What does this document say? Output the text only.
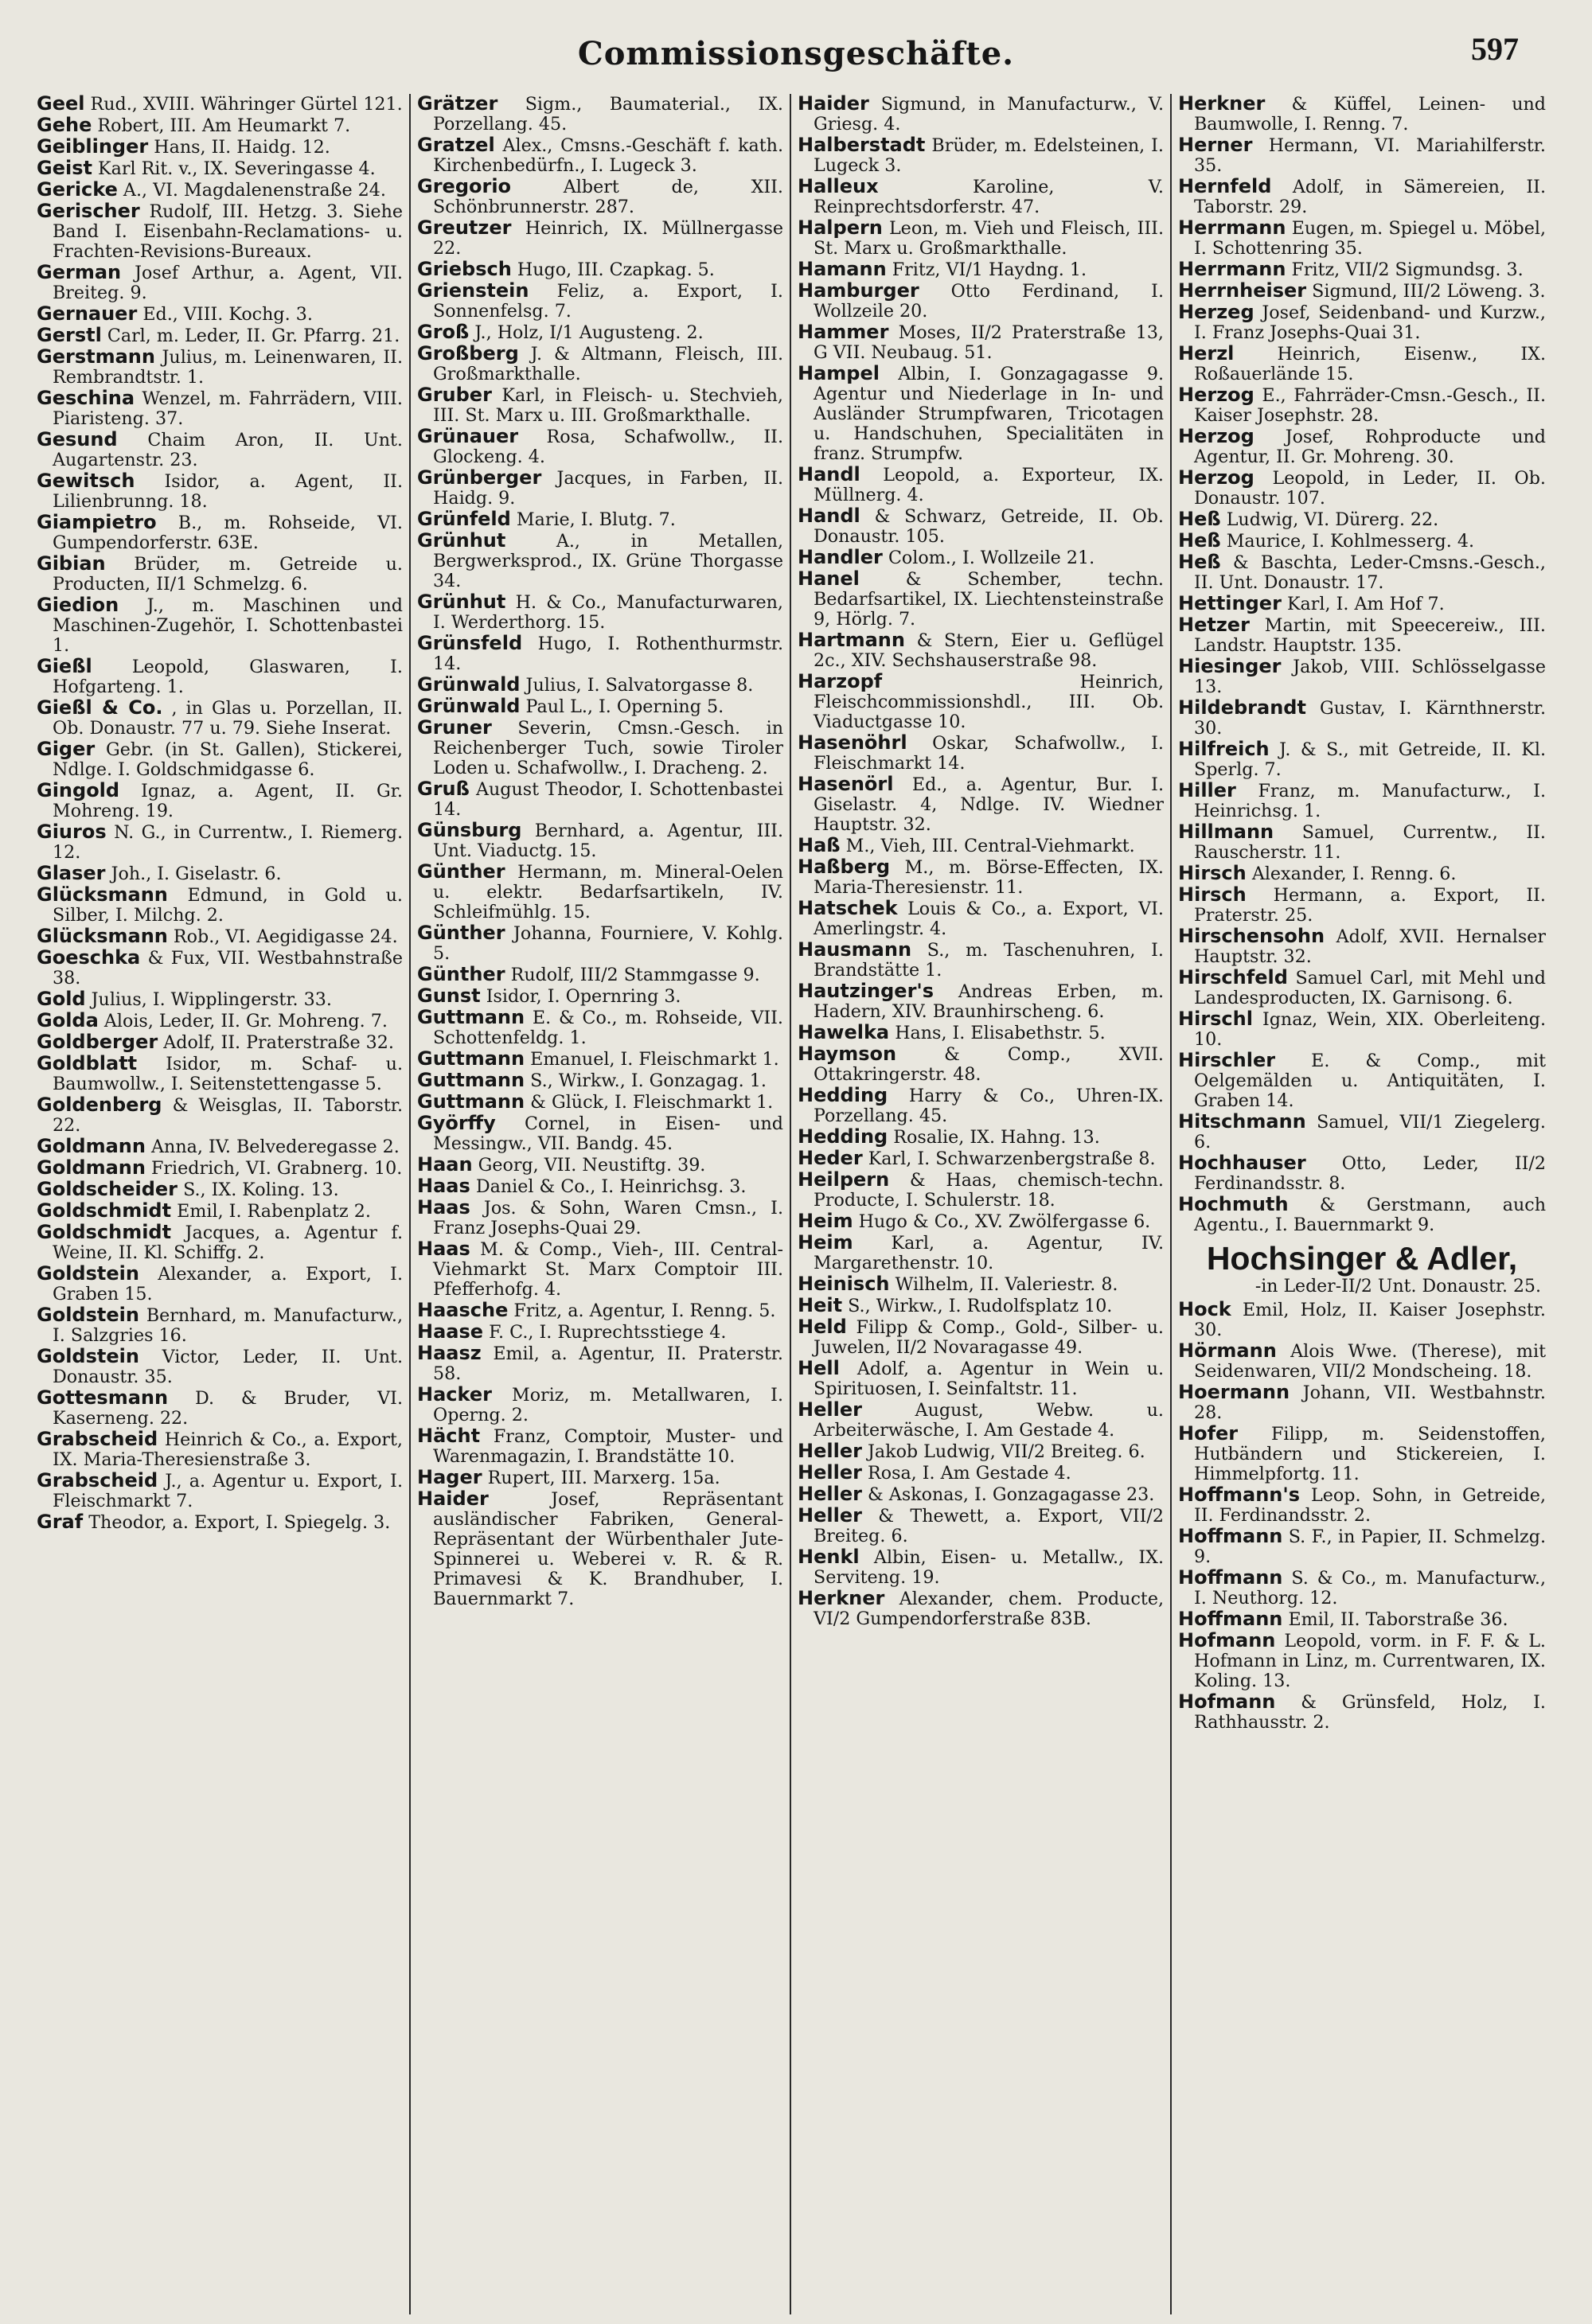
Commissionsgeschäfte.	597
Geel Rud., XVIII. Währinger Gürtel 121.
Gehe Robert, III. Am Heumarkt 7.
Geiblinger Hans, II. Haidg. 12.
Geist Karl Rit. v., IX. Severingasse 4.
Gericke A., VI. Magdalenenstraße 24.
Gerischer Rudolf, III. Hetzg. 3. Siehe Band I. Eisenbahn-Reclamations- u. Frachten-Revisions-Bureaux.
German Josef Arthur, a. Agent, VII. Breiteg. 9.
Gernauer Ed., VIII. Kochg. 3.
Gerstl Carl, m. Leder, II. Gr. Pfarrg. 21.
Gerstmann Julius, m. Leinenwaren, II. Rembrandtstr. 1.
Geschina Wenzel, m. Fahrrädern, VIII. Piaristeng. 37.
Gesund Chaim Aron, II. Unt. Augartenstr. 23.
Gewitsch Isidor, a. Agent, II. Lilienbrunng. 18.
Giampietro B., m. Rohseide, VI. Gumpendorferstr. 63E.
Gibian Brüder, m. Getreide u. Producten, II/1 Schmelzg. 6.
Giedion J., m. Maschinen und Maschinen-Zugehör, I. Schottenbastei 1.
Gießl Leopold, Glaswaren, I. Hofgarteng. 1.
Gießl & Co. , in Glas u. Porzellan, II. Ob. Donaustr. 77 u. 79. Siehe Inserat.
Giger Gebr. (in St. Gallen), Stickerei, Ndlge. I. Goldschmidgasse 6.
Gingold Ignaz, a. Agent, II. Gr. Mohreng. 19.
Giuros N. G., in Currentw., I. Riemerg. 12.
Glaser Joh., I. Giselastr. 6.
Glücksmann Edmund, in Gold u. Silber, I. Milchg. 2.
Glücksmann Rob., VI. Aegidigasse 24.
Goeschka & Fux, VII. Westbahnstraße 38.
Gold Julius, I. Wipplingerstr. 33.
Golda Alois, Leder, II. Gr. Mohreng. 7.
Goldberger Adolf, II. Praterstraße 32.
Goldblatt Isidor, m. Schaf- u. Baumwollw., I. Seitenstettengasse 5.
Goldenberg & Weisglas, II. Taborstr. 22.
Goldmann Anna, IV. Belvederegasse 2.
Goldmann Friedrich, VI. Grabnerg. 10.
Goldscheider S., IX. Koling. 13.
Goldschmidt Emil, I. Rabenplatz 2.
Goldschmidt Jacques, a. Agentur f. Weine, II. Kl. Schiffg. 2.
Goldstein Alexander, a. Export, I. Graben 15.
Goldstein Bernhard, m. Manufacturw., I. Salzgries 16.
Goldstein Victor, Leder, II. Unt. Donaustr. 35.
Gottesmann D. & Bruder, VI. Kaserneng. 22.
Grabscheid Heinrich & Co., a. Export, IX. Maria-Theresienstraße 3.
Grabscheid J., a. Agentur u. Export, I. Fleischmarkt 7.
Graf Theodor, a. Export, I. Spiegelg. 3.
Grätzer Sigm., Baumaterial., IX. Porzellang. 45.
Gratzel Alex., Cmsns.-Geschäft f. kath. Kirchenbedürfn., I. Lugeck 3.
Gregorio	Albert de, XII. Schönbrunnerstr. 287.
Greutzer Heinrich, IX. Müllnergasse 22.
Griebsch Hugo, III. Czapkag. 5.
Grienstein Feliz, a. Export, I. Sonnenfelsg. 7.
Groß J., Holz, I/1 Augusteng. 2.
Großberg J. & Altmann, Fleisch, III. Großmarkthalle.
Gruber Karl, in Fleisch- u. Stechvieh, III. St. Marx u. III. Großmarkthalle.
Grünauer Rosa, Schafwollw., II. Glockeng. 4.
Grünberger Jacques, in Farben, II. Haidg. 9.
Grünfeld Marie, I. Blutg. 7.
Grünhut	A., in Metallen, Bergwerksprod., IX. Grüne Thorgasse 34.
Grünhut H. & Co., Manufacturwaren, I. Werderthorg. 15.
Grünsfeld Hugo, I. Rothenthurmstr. 14.
Grünwald Julius, I. Salvatorgasse 8.
Grünwald Paul L., I. Operning 5.
Gruner Severin, Cmsn.-Gesch. in Reichenberger Tuch, sowie Tiroler Loden u. Schafwollw., I. Dracheng. 2.
Gruß August Theodor, I. Schottenbastei 14.
Günsburg Bernhard, a. Agentur, III. Unt. Viaductg. 15.
Günther Hermann, m. Mineral-Oelen u. elektr. Bedarfsartikeln, IV. Schleifmühlg. 15.
Günther Johanna, Fourniere, V. Kohlg. 5.
Günther Rudolf, III/2 Stammgasse 9.
Gunst Isidor, I. Opernring 3.
Guttmann E. & Co., m. Rohseide, VII. Schottenfeldg. 1.
Guttmann Emanuel, I. Fleischmarkt 1.
Guttmann S., Wirkw., I. Gonzagag. 1.
Guttmann & Glück, I. Fleischmarkt 1.
Györffy Cornel, in Eisen- und Messingw., VII. Bandg. 45.
Haan Georg, VII. Neustiftg. 39.
Haas Daniel & Co., I. Heinrichsg. 3.
Haas Jos. & Sohn, Waren Cmsn., I. Franz Josephs-Quai 29.
Haas M. & Comp., Vieh-, III. Central-Viehmarkt St. Marx Comptoir III. Pfefferhofg. 4.
Haasche Fritz, a. Agentur, I. Renng. 5.
Haase F. C., I. Ruprechtsstiege 4.
Haasz Emil, a. Agentur, II. Praterstr. 58.
Hacker Moriz, m. Metallwaren, I. Operng. 2.
Hächt Franz, Comptoir, Muster- und Warenmagazin, I. Brandstätte 10.
Hager Rupert, III. Marxerg. 15a.
Haider	Josef, Repräsentant ausländischer Fabriken, General-Repräsentant der Würbenthaler Jute-Spinnerei u. Weberei v. R. & R. Primavesi & K. Brandhuber, I. Bauernmarkt 7.
Haider Sigmund, in Manufacturw., V. Griesg. 4.
Halberstadt Brüder, m. Edelsteinen, I. Lugeck 3.
Halleux	Karoline, V. Reinprechtsdorferstr. 47.
Halpern Leon, m. Vieh und Fleisch, III. St. Marx u. Großmarkthalle.
Hamann Fritz, VI/1 Haydng. 1.
Hamburger Otto Ferdinand, I. Wollzeile 20.
Hammer Moses, II/2 Praterstraße 13, G VII. Neubaug. 51.
Hampel Albin, I. Gonzagagasse 9. Agentur und Niederlage in In- und Ausländer Strumpfwaren, Tricotagen u. Handschuhen, Specialitäten in franz. Strumpfw.
Handl Leopold, a. Exporteur, IX. Müllnerg. 4.
Handl & Schwarz, Getreide, II. Ob. Donaustr. 105.
Handler Colom., I. Wollzeile 21.
Hanel	& Schember, techn. Bedarfsartikel, IX. Liechtensteinstraße 9, Hörlg. 7.
Hartmann & Stern, Eier u. Geflügel 2c., XIV. Sechshauserstraße 98.
Harzopf	Heinrich, Fleischcommissionshdl., III. Ob. Viaductgasse 10.
Hasenöhrl Oskar, Schafwollw., I. Fleischmarkt 14.
Hasenörl Ed., a. Agentur, Bur. I. Giselastr. 4, Ndlge. IV. Wiedner Hauptstr. 32.
Haß M., Vieh, III. Central-Viehmarkt.
Haßberg M., m. Börse-Effecten, IX. Maria-Theresienstr. 11.
Hatschek Louis & Co., a. Export, VI. Amerlingstr. 4.
Hausmann S., m. Taschenuhren, I. Brandstätte 1.
Hautzinger's Andreas Erben, m. Hadern, XIV. Braunhirscheng. 6.
Hawelka Hans, I. Elisabethstr. 5.
Haymson	& Comp., XVII. Ottakringerstr. 48.
Hedding Harry & Co., Uhren-IX. Porzellang. 45.
Hedding Rosalie, IX. Hahng. 13.
Heder Karl, I. Schwarzenbergstraße 8.
Heilpern & Haas, chemisch-techn. Producte, I. Schulerstr. 18.
Heim Hugo & Co., XV. Zwölfergasse 6.
Heim Karl, a. Agentur, IV. Margarethenstr. 10.
Heinisch Wilhelm, II. Valeriestr. 8.
Heit S., Wirkw., I. Rudolfsplatz 10.
Held Filipp & Comp., Gold-, Silber- u. Juwelen, II/2 Novaragasse 49.
Hell Adolf, a. Agentur in Wein u. Spirituosen, I. Seinfaltstr. 11.
Heller	August, Webw. u. Arbeiterwäsche, I. Am Gestade 4.
Heller Jakob Ludwig, VII/2 Breiteg. 6.
Heller Rosa, I. Am Gestade 4.
Heller & Askonas, I. Gonzagagasse 23.
Heller & Thewett, a. Export, VII/2 Breiteg. 6.
Henkl Albin, Eisen- u. Metallw., IX. Serviteng. 19.
Herkner Alexander, chem. Producte, VI/2 Gumpendorferstraße 83B.
Herkner & Küffel, Leinen- und Baumwolle, I. Renng. 7.
Herner Hermann, VI. Mariahilferstr. 35.
Hernfeld Adolf, in Sämereien, II. Taborstr. 29.
Herrmann Eugen, m. Spiegel u. Möbel, I. Schottenring 35.
Herrmann Fritz, VII/2 Sigmundsg. 3.
Herrnheiser Sigmund, III/2 Löweng. 3.
Herzeg Josef, Seidenband- und Kurzw., I. Franz Josephs-Quai 31.
Herzl Heinrich, Eisenw., IX. Roßauerlände 15.
Herzog E., Fahrräder-Cmsn.-Gesch., II. Kaiser Josephstr. 28.
Herzog Josef, Rohproducte und Agentur, II. Gr. Mohreng. 30.
Herzog Leopold, in Leder, II. Ob. Donaustr. 107.
Heß Ludwig, VI. Dürerg. 22.
Heß Maurice, I. Kohlmesserg. 4.
Heß & Baschta, Leder-Cmsns.-Gesch., II. Unt. Donaustr. 17.
Hettinger Karl, I. Am Hof 7.
Hetzer Martin, mit Speecereiw., III. Landstr. Hauptstr. 135.
Hiesinger Jakob, VIII. Schlösselgasse 13.
Hildebrandt Gustav, I. Kärnthnerstr. 30.
Hilfreich J. & S., mit Getreide, II. Kl. Sperlg. 7.
Hiller Franz, m. Manufacturw., I. Heinrichsg. 1.
Hillmann Samuel, Currentw., II. Rauscherstr. 11.
Hirsch Alexander, I. Renng. 6.
Hirsch Hermann, a. Export, II. Praterstr. 25.
Hirschensohn Adolf, XVII. Hernalser Hauptstr. 32.
Hirschfeld Samuel Carl, mit Mehl und Landesproducten, IX. Garnisong. 6.
Hirschl Ignaz, Wein, XIX. Oberleiteng. 10.
Hirschler E. & Comp., mit Oelgemälden u. Antiquitäten, I. Graben 14.
Hitschmann Samuel, VII/1 Ziegelerg. 6.
Hochhauser Otto, Leder, II/2 Ferdinandsstr. 8.
Hochmuth & Gerstmann, auch Agentu., I. Bauernmarkt 9.
Hochsinger & Adler,
-in Leder-II/2 Unt. Donaustr. 25.
Hock Emil, Holz, II. Kaiser Josephstr. 30.
Hörmann Alois Wwe. (Therese), mit Seidenwaren, VII/2 Mondscheing. 18.
Hoermann Johann, VII. Westbahnstr. 28.
Hofer Filipp, m. Seidenstoffen, Hutbändern und Stickereien, I. Himmelpfortg. 11.
Hoffmann's Leop. Sohn, in Getreide, II. Ferdinandsstr. 2.
Hoffmann S. F., in Papier, II. Schmelzg. 9.
Hoffmann S. & Co., m. Manufacturw., I. Neuthorg. 12.
Hoffmann Emil, II. Taborstraße 36.
Hofmann Leopold, vorm. in F. F. & L. Hofmann in Linz, m. Currentwaren, IX. Koling. 13.
Hofmann & Grünsfeld, Holz, I. Rathhausstr. 2.
